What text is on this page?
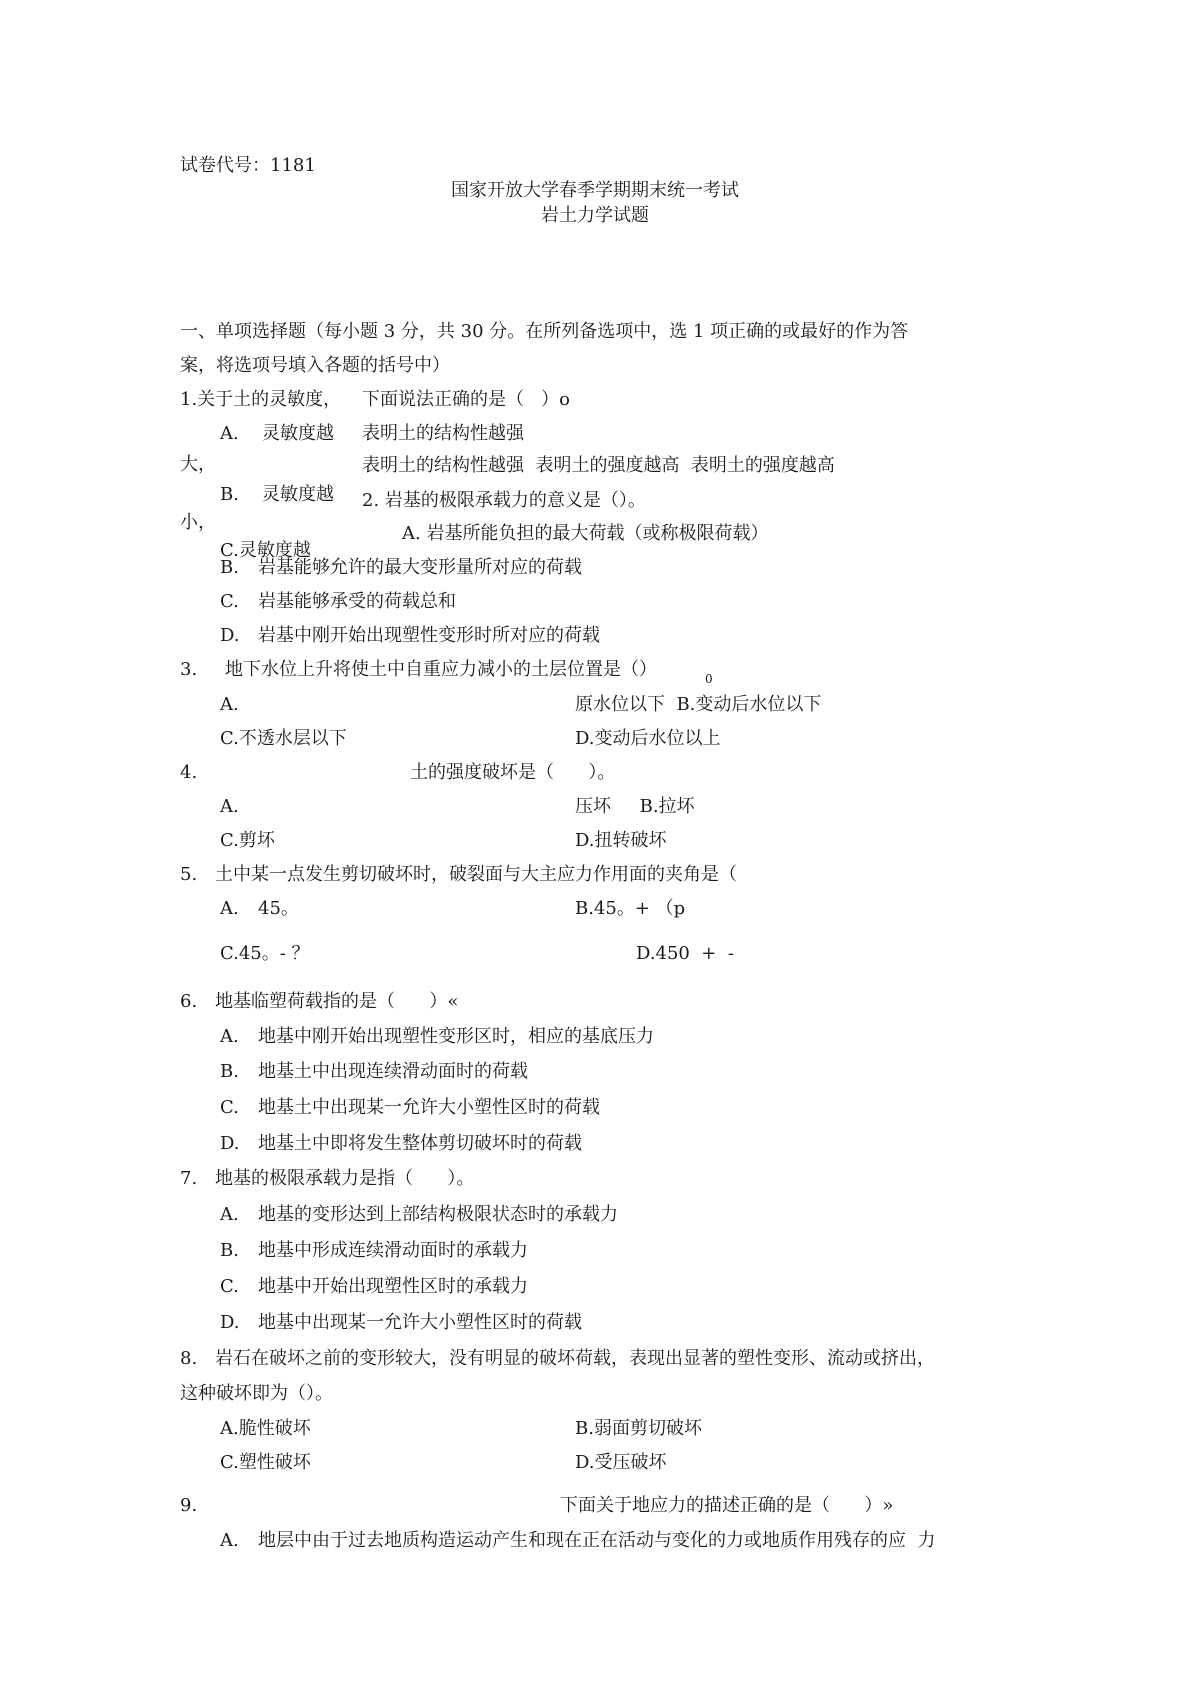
试卷代号：1181
国家开放大学春季学期期末统一考试
岩土力学试题
一、单项选择题（每小题 3 分，共 30 分。在所列备选项中，选 1 项正确的或最好的作为答
案，将选项号填入各题的括号中）
1.关于土的灵敏度， 下面说法正确的是（   ）o
A. 灵敏度越 表明土的结构性越强
大，	表明土的结构性越强  表明土的强度越高  表明土的强度越高
B. 灵敏度越
小，
C.灵敏度越
2. 岩基的极限承载力的意义是（）。
A. 岩基所能负担的最大荷载（或称极限荷载）
B. 岩基能够允许的最大变形量所对应的荷载
C. 岩基能够承受的荷载总和
D. 岩基中刚开始出现塑性变形时所对应的荷载
3. 地下水位上升将使土中自重应力减小的土层位置是（）	0
A.	原水位以下  B.变动后水位以下
C.不透水层以下	D.变动后水位以上
4.	土的强度破坏是（      ）。
A.	压坏     B.拉坏
C.剪坏	D.扭转破坏
5. 土中某一点发生剪切破坏时，破裂面与大主应力作用面的夹角是（
A. 45。	B.45。+ （p
C.45。- ？	D.450  +  -
6. 地基临塑荷载指的是（      ）«
A. 地基中刚开始出现塑性变形区时，相应的基底压力
B. 地基土中出现连续滑动面时的荷载
C. 地基土中出现某一允许大小塑性区时的荷载
D. 地基土中即将发生整体剪切破坏时的荷载
7. 地基的极限承载力是指（      ）。
A. 地基的变形达到上部结构极限状态时的承载力
B. 地基中形成连续滑动面时的承载力
C. 地基中开始出现塑性区时的承载力
D. 地基中出现某一允许大小塑性区时的荷载
8. 岩石在破坏之前的变形较大，没有明显的破坏荷载，表现出显著的塑性变形、流动或挤出，
这种破坏即为（）。
A.脆性破坏	B.弱面剪切破坏
C.塑性破坏	D.受压破坏
9.	下面关于地应力的描述正确的是（      ）»
A. 地层中由于过去地质构造运动产生和现在正在活动与变化的力或地质作用残存的应  力
